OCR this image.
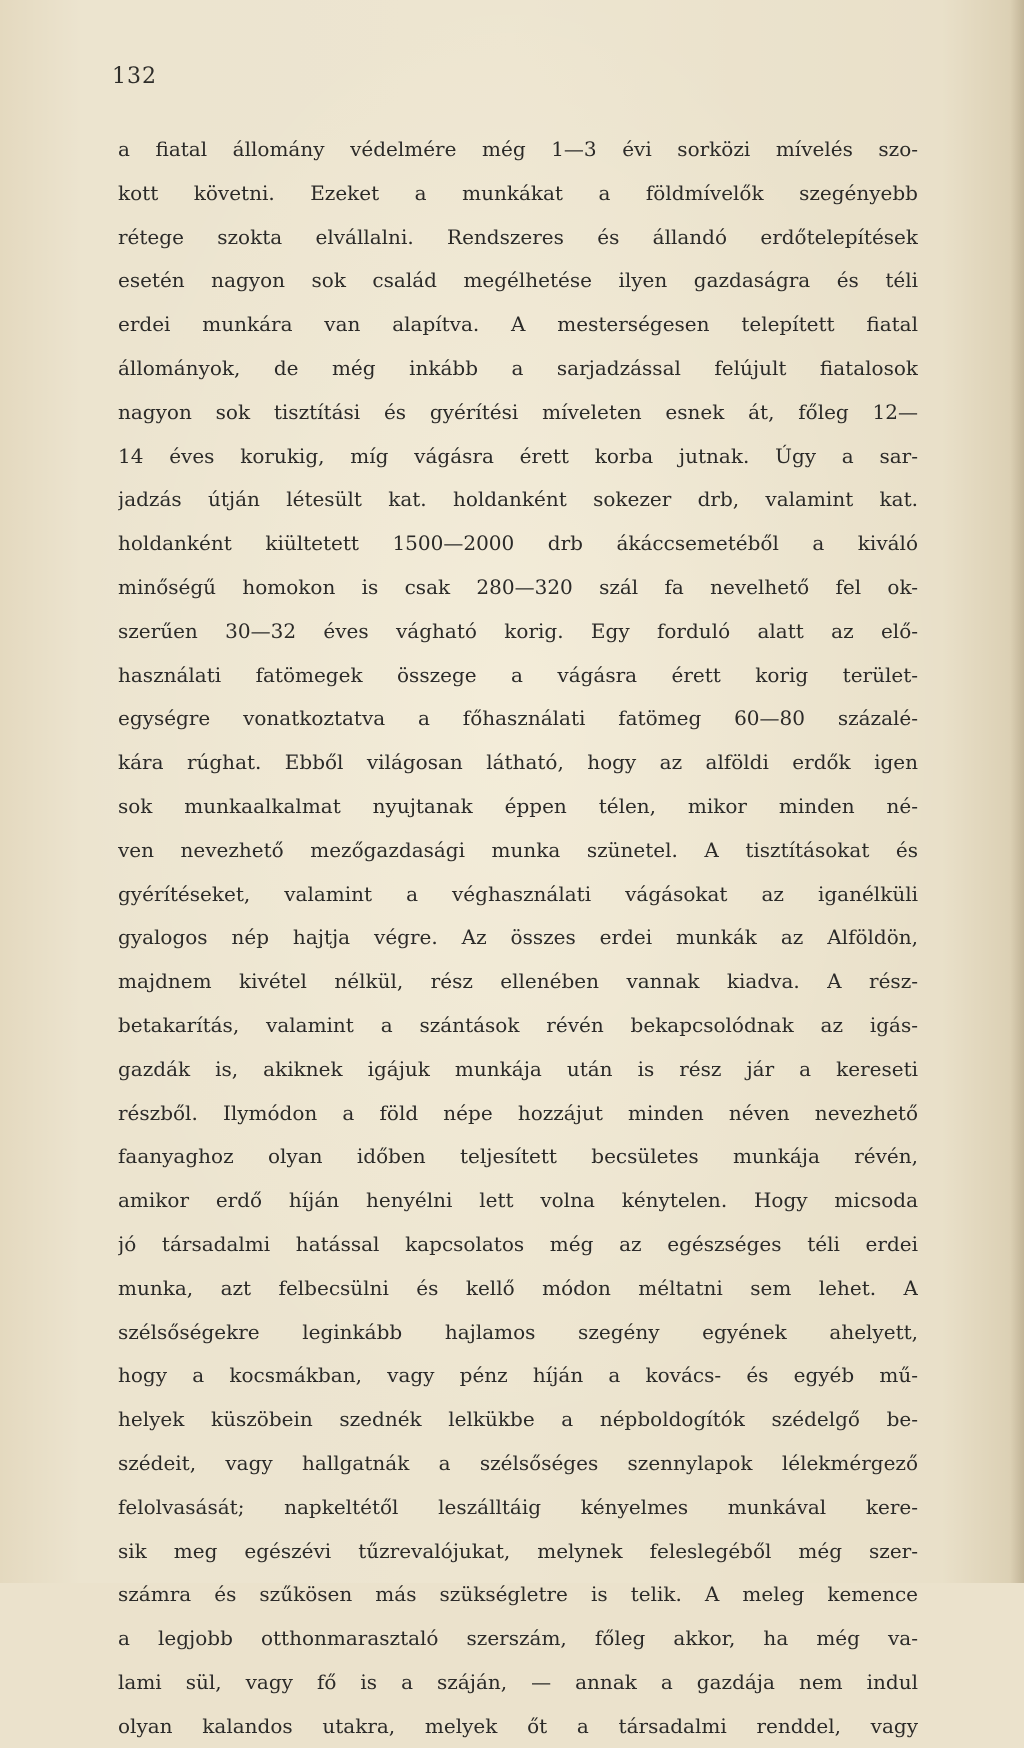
132
a fiatal állomány védelmére még 1—3 évi sorközi mívelés szo-
kott követni. Ezeket a munkákat a földmívelők szegényebb
rétege szokta elvállalni. Rendszeres és állandó erdőtelepítések
esetén nagyon sok család megélhetése ilyen gazdaságra és téli
erdei munkára van alapítva. A mesterségesen telepített fiatal
állományok, de még inkább a sarjadzással felújult fiatalosok
nagyon sok tisztítási és gyérítési míveleten esnek át, főleg 12—
14 éves korukig, míg vágásra érett korba jutnak. Úgy a sar-
jadzás útján létesült kat. holdanként sokezer drb, valamint kat.
holdanként kiültetett 1500—2000 drb ákáccsemetéből a kiváló
minőségű homokon is csak 280—320 szál fa nevelhető fel ok-
szerűen 30—32 éves vágható korig. Egy forduló alatt az elő-
használati fatömegek összege a vágásra érett korig terület-
egységre vonatkoztatva a főhasználati fatömeg 60—80 százalé-
kára rúghat. Ebből világosan látható, hogy az alföldi erdők igen
sok munkaalkalmat nyujtanak éppen télen, mikor minden né-
ven nevezhető mezőgazdasági munka szünetel. A tisztításokat és
gyérítéseket, valamint a véghasználati vágásokat az iganélküli
gyalogos nép hajtja végre. Az összes erdei munkák az Alföldön,
majdnem kivétel nélkül, rész ellenében vannak kiadva. A rész-
betakarítás, valamint a szántások révén bekapcsolódnak az igás-
gazdák is, akiknek igájuk munkája után is rész jár a kereseti
részből. Ilymódon a föld népe hozzájut minden néven nevezhető
faanyaghoz olyan időben teljesített becsületes munkája révén,
amikor erdő híján henyélni lett volna kénytelen. Hogy micsoda
jó társadalmi hatással kapcsolatos még az egészséges téli erdei
munka, azt felbecsülni és kellő módon méltatni sem lehet. A
szélsőségekre leginkább hajlamos szegény egyének ahelyett,
hogy a kocsmákban, vagy pénz híján a kovács- és egyéb mű-
helyek küszöbein szednék lelkükbe a népboldogítók szédelgő be-
szédeit, vagy hallgatnák a szélsőséges szennylapok lélekmérgező
felolvasását; napkeltétől leszálltáig kényelmes munkával kere-
sik meg egészévi tűzrevalójukat, melynek feleslegéből még szer-
számra és szűkösen más szükségletre is telik. A meleg kemence
a legjobb otthonmarasztaló szerszám, főleg akkor, ha még va-
lami sül, vagy fő is a száján, — annak a gazdája nem indul
olyan kalandos utakra, melyek őt a társadalmi renddel, vagy
